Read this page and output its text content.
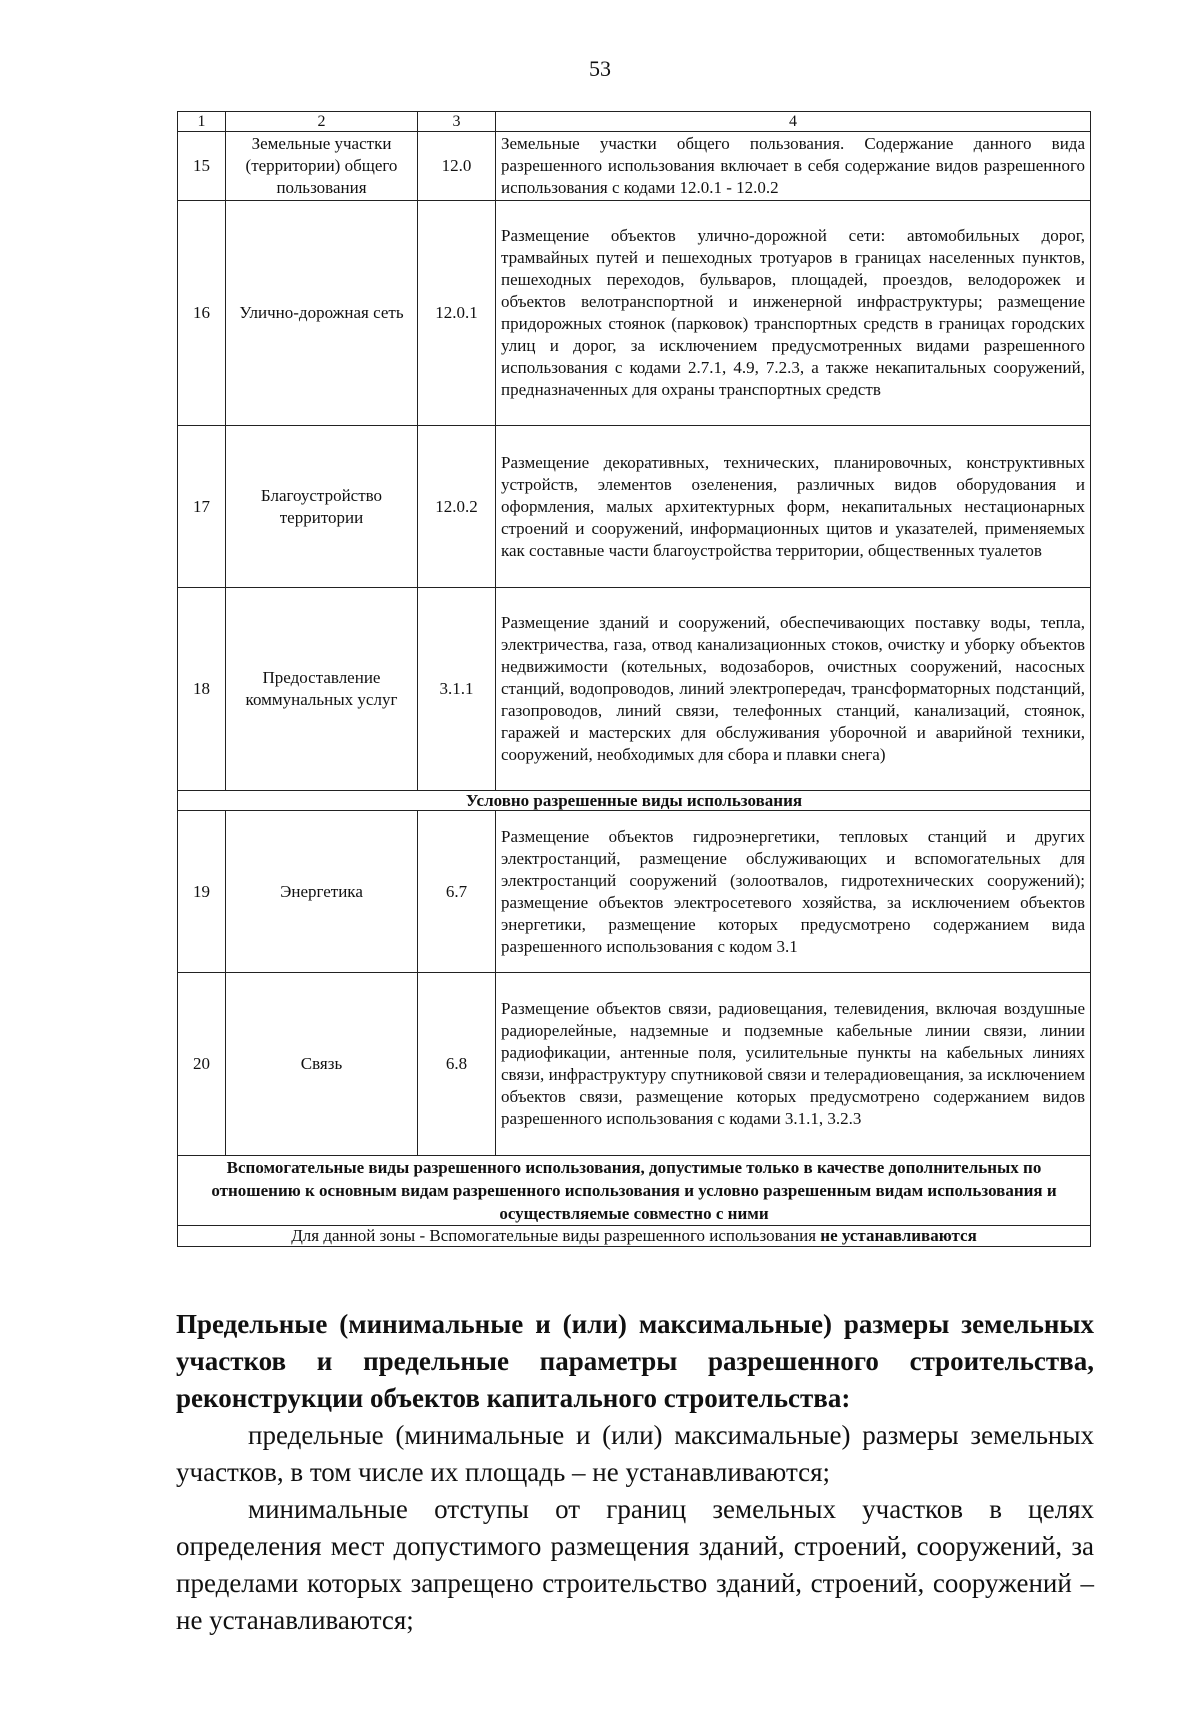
53
1	2	3	4
15	Земельные участки (территории) общего пользования	12.0	Земельные участки общего пользования. Содержание данного вида разрешенного использования включает в себя содержание видов разрешенного использования с кодами 12.0.1 - 12.0.2
16	Улично-дорожная сеть	12.0.1	Размещение объектов улично-дорожной сети: автомобильных дорог, трамвайных путей и пешеходных тротуаров в границах населенных пунктов, пешеходных переходов, бульваров, площадей, проездов, велодорожек и объектов велотранспортной и инженерной инфраструктуры; размещение придорожных стоянок (парковок) транспортных средств в границах городских улиц и дорог, за исключением предусмотренных видами разрешенного использования с кодами 2.7.1, 4.9, 7.2.3, а также некапитальных сооружений, предназначенных для охраны транспортных средств
17	Благоустройство территории	12.0.2	Размещение декоративных, технических, планировочных, конструктивных устройств, элементов озеленения, различных видов оборудования и оформления, малых архитектурных форм, некапитальных нестационарных строений и сооружений, информационных щитов и указателей, применяемых как составные части благоустройства территории, общественных туалетов
18	Предоставление коммунальных услуг	3.1.1	Размещение зданий и сооружений, обеспечивающих поставку воды, тепла, электричества, газа, отвод канализационных стоков, очистку и уборку объектов недвижимости (котельных, водозаборов, очистных сооружений, насосных станций, водопроводов, линий электропередач, трансформаторных подстанций, газопроводов, линий связи, телефонных станций, канализаций, стоянок, гаражей и мастерских для обслуживания уборочной и аварийной техники, сооружений, необходимых для сбора и плавки снега)
Условно разрешенные виды использования			
19	Энергетика	6.7	Размещение объектов гидроэнергетики, тепловых станций и других электростанций, размещение обслуживающих и вспомогательных для электростанций сооружений (золоотвалов, гидротехнических сооружений); размещение объектов электросетевого хозяйства, за исключением объектов энергетики, размещение которых предусмотрено содержанием вида разрешенного использования с кодом 3.1
20	Связь	6.8	Размещение объектов связи, радиовещания, телевидения, включая воздушные радиорелейные, надземные и подземные кабельные линии связи, линии радиофикации, антенные поля, усилительные пункты на кабельных линиях связи, инфраструктуру спутниковой связи и телерадиовещания, за исключением объектов связи, размещение которых предусмотрено содержанием видов разрешенного использования с кодами 3.1.1, 3.2.3
Вспомогательные виды разрешенного использования, допустимые только в качестве дополнительных по отношению к основным видам разрешенного использования и условно разрешенным видам использования и осуществляемые совместно с ними			
Для данной зоны - Вспомогательные виды разрешенного использования не устанавливаются			
Предельные (минимальные и (или) максимальные) размеры земельных участков и предельные параметры разрешенного строительства, реконструкции объектов капитального строительства:
предельные (минимальные и (или) максимальные) размеры земельных участков, в том числе их площадь – не устанавливаются;
минимальные отступы от границ земельных участков в целях определения мест допустимого размещения зданий, строений, сооружений, за пределами которых запрещено строительство зданий, строений, сооружений – не устанавливаются;
